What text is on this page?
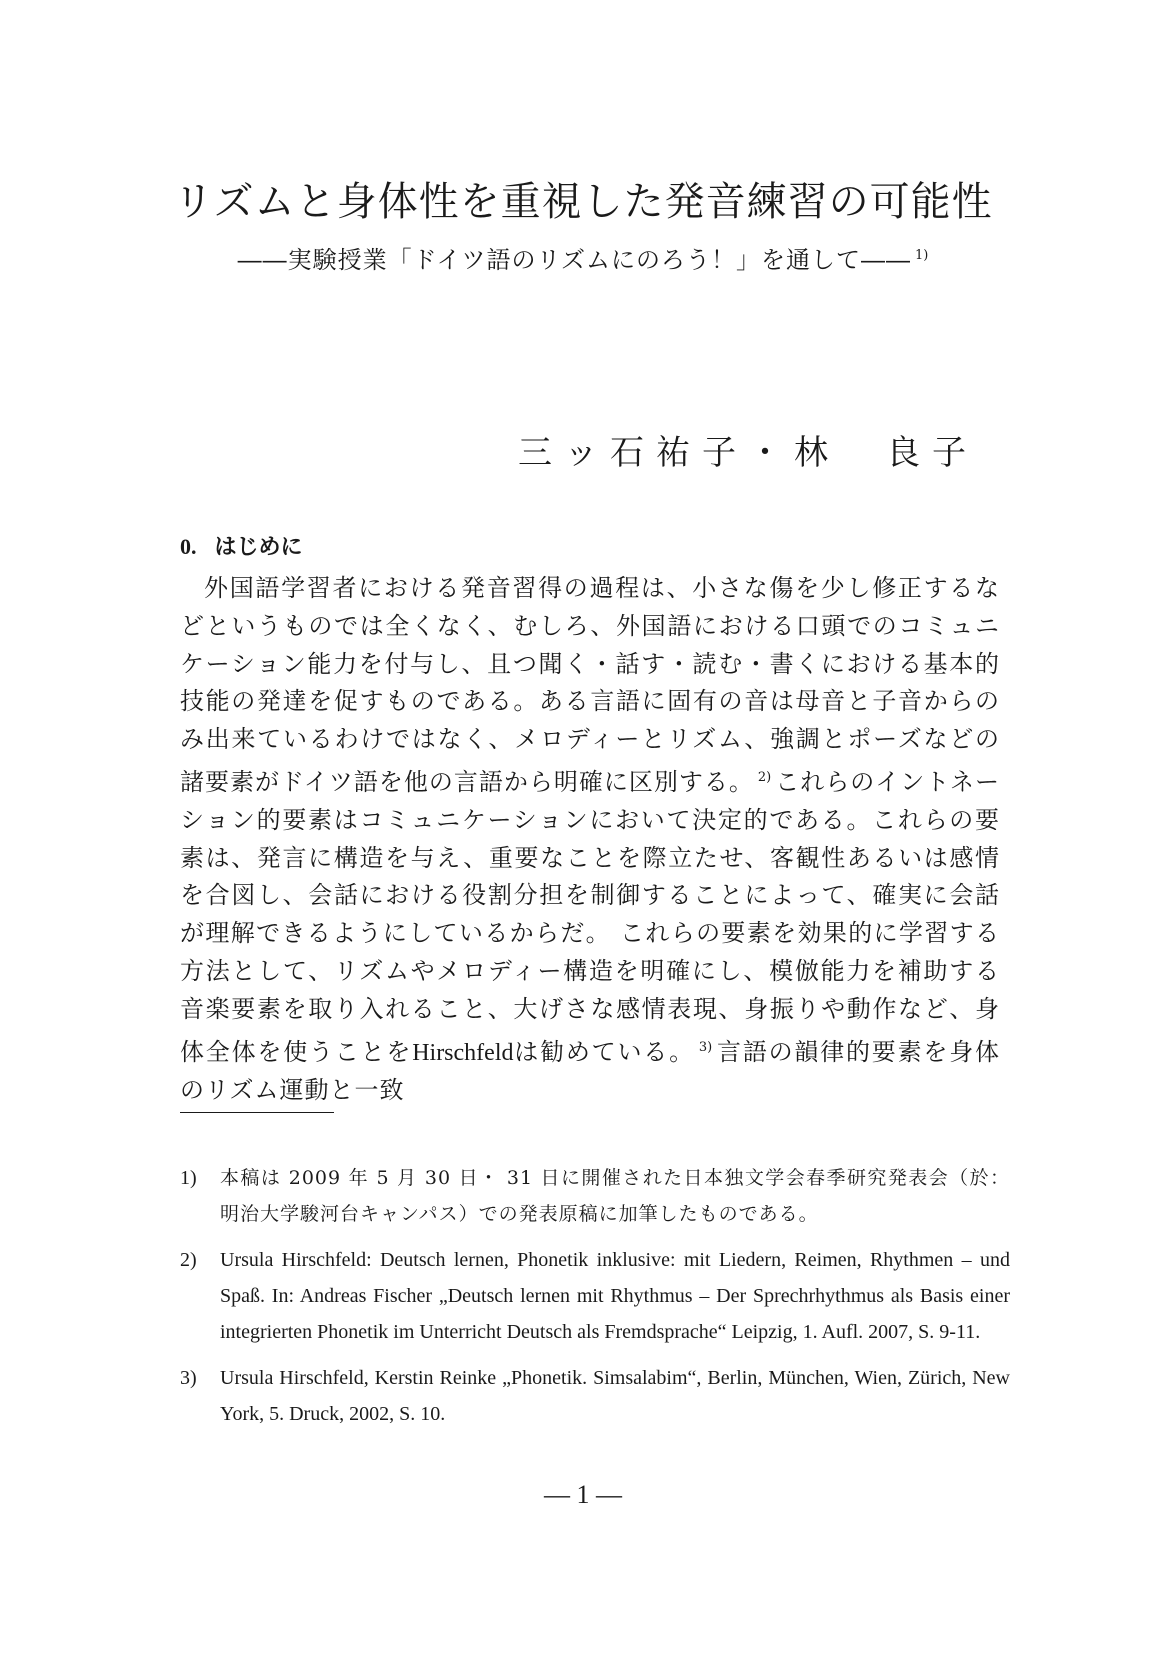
リズムと身体性を重視した発音練習の可能性

――実験授業「ドイツ語のリズムにのろう！」を通して―― $^{1)}$

三ッ石祐子・林　良子

0. はじめに

外国語学習者における発音習得の過程は、小さな傷を少し修正するなどというものでは全くなく、むしろ、外国語における口頭でのコミュニケーション能力を付与し、且つ聞く・話す・読む・書くにおける基本的技能の発達を促すものである。ある言語に固有の音は母音と子音からのみ出来ているわけではなく、メロディーとリズム、強調とポーズなどの諸要素がドイツ語を他の言語から明確に区別する。 $^{2)}$ これらのイントネーション的要素はコミュニケーションにおいて決定的である。これらの要素は、発言に構造を与え、重要なことを際立たせ、客観性あるいは感情を合図し、会話における役割分担を制御することによって、確実に会話が理解できるようにしているからだ。 これらの要素を効果的に学習する方法として、リズムやメロディー構造を明確にし、模倣能力を補助する音楽要素を取り入れること、大げさな感情表現、身振りや動作など、身体全体を使うことをHirschfeldは勧めている。 $^{3)}$ 言語の韻律的要素を身体のリズム運動と一致

1) 本稿は 2009 年 5 月 30 日・ 31 日に開催された日本独文学会春季研究発表会（於：明治大学駿河台キャンパス）での発表原稿に加筆したものである。
2) Ursula Hirschfeld: Deutsch lernen, Phonetik inklusive: mit Liedern, Reimen, Rhythmen – und Spaß. In: Andreas Fischer „Deutsch lernen mit Rhythmus – Der Sprechrhythmus als Basis einer integrierten Phonetik im Unterricht Deutsch als Fremdsprache“ Leipzig, 1. Aufl. 2007, S. 9-11.
3) Ursula Hirschfeld, Kerstin Reinke „Phonetik. Simsalabim“, Berlin, München, Wien, Zürich, New York, 5. Druck, 2002, S. 10.

― 1 ―
